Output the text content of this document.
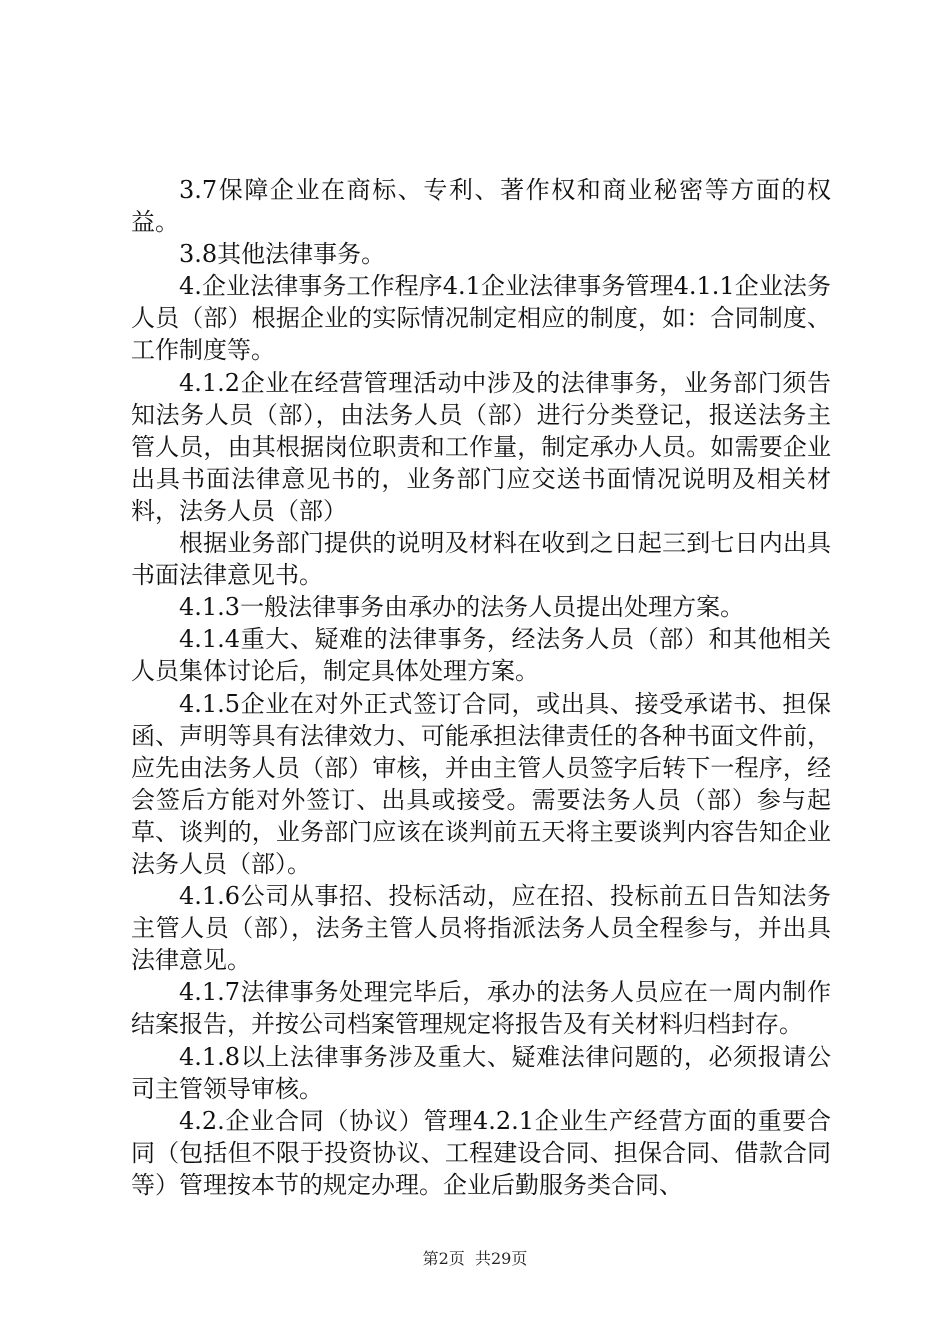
3.7保障企业在商标、专利、著作权和商业秘密等方面的权益。

3.8其他法律事务。

4.企业法律事务工作程序4.1企业法律事务管理4.1.1企业法务人员（部）根据企业的实际情况制定相应的制度，如：合同制度、工作制度等。

4.1.2企业在经营管理活动中涉及的法律事务，业务部门须告知法务人员（部），由法务人员（部）进行分类登记，报送法务主管人员，由其根据岗位职责和工作量，制定承办人员。如需要企业出具书面法律意见书的，业务部门应交送书面情况说明及相关材料，法务人员（部）

根据业务部门提供的说明及材料在收到之日起三到七日内出具书面法律意见书。

4.1.3一般法律事务由承办的法务人员提出处理方案。

4.1.4重大、疑难的法律事务，经法务人员（部）和其他相关人员集体讨论后，制定具体处理方案。

4.1.5企业在对外正式签订合同，或出具、接受承诺书、担保函、声明等具有法律效力、可能承担法律责任的各种书面文件前，应先由法务人员（部）审核，并由主管人员签字后转下一程序，经会签后方能对外签订、出具或接受。需要法务人员（部）参与起草、谈判的，业务部门应该在谈判前五天将主要谈判内容告知企业法务人员（部）。

4.1.6公司从事招、投标活动，应在招、投标前五日告知法务主管人员（部），法务主管人员将指派法务人员全程参与，并出具法律意见。

4.1.7法律事务处理完毕后，承办的法务人员应在一周内制作结案报告，并按公司档案管理规定将报告及有关材料归档封存。

4.1.8以上法律事务涉及重大、疑难法律问题的，必须报请公司主管领导审核。

4.2.企业合同（协议）管理4.2.1企业生产经营方面的重要合同（包括但不限于投资协议、工程建设合同、担保合同、借款合同等）管理按本节的规定办理。企业后勤服务类合同、

第2页  共29页
